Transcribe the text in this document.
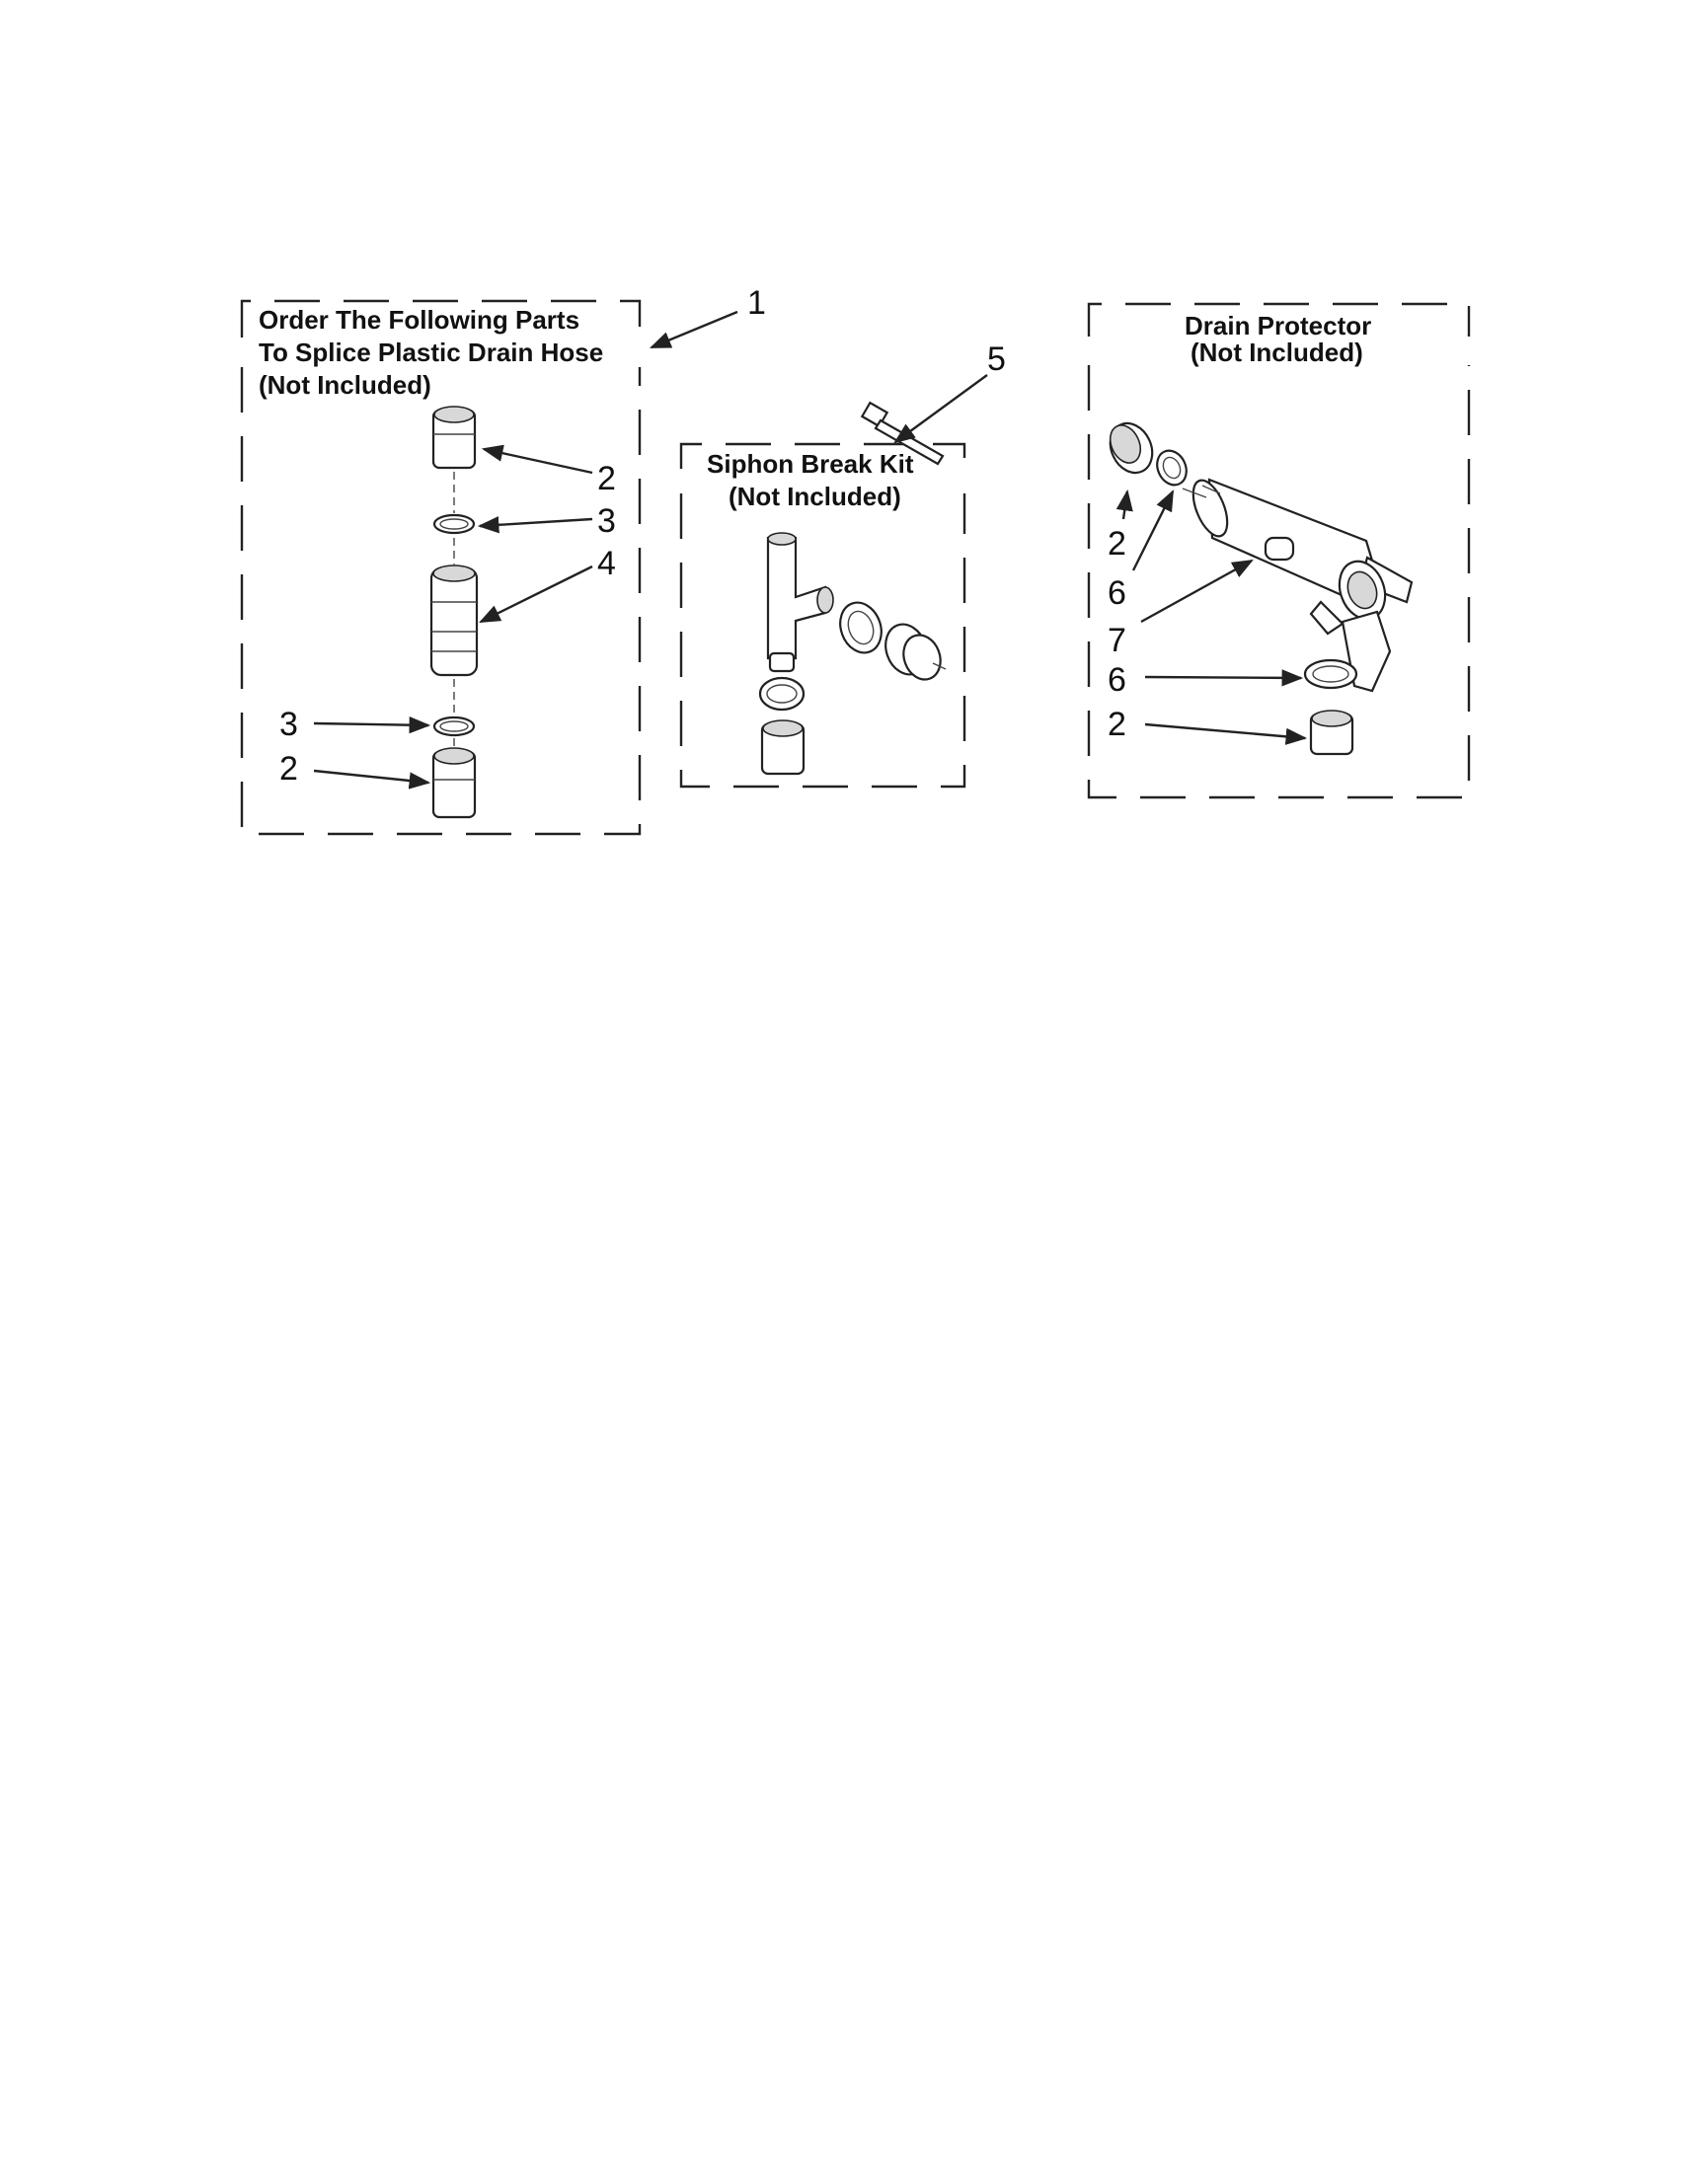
Order The Following Parts
To Splice Plastic Drain Hose
(Not Included)
1
2
3
4
3
2
Siphon Break Kit
(Not Included)
5
Drain Protector
(Not Included)
2
6
7
6
2
